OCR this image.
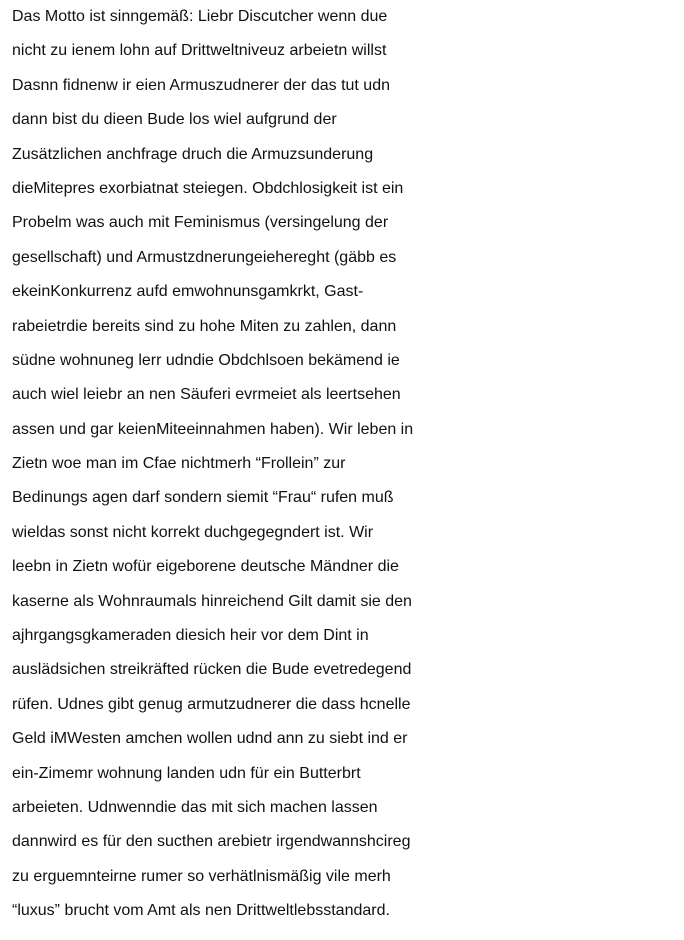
Das Motto ist sinngemäß: Liebr Discutcher wenn due
nicht zu ienem lohn auf Drittweltniveuz arbeietn willst
Dasnn fidnenw ir eien Armuszudnerer der das tut udn
dann bist du dieen Bude los wiel aufgrund der
Zusätzlichen anchfrage druch die Armuzsunderung
dieMitepres exorbiatnat steiegen. Obdchlosigkeit ist ein
Probelm was auch mit Feminismus (versingelung der
gesellschaft) und Armustzdnerungeiehereght (gäbb es
ekeinKonkurrenz aufd emwohnunsgamkrkt, Gast-
rabeietrdie bereits sind zu hohe Miten zu zahlen, dann
südne wohnuneg lerr udndie Obdchlsoen bekämend ie
auch wiel leiebr an nen Säuferi evrmeiet als leertsehen
assen und gar keienMiteeinnahmen haben). Wir leben in
Zietn woe man im Cfae nichtmerh “Frollein” zur
Bedinungs agen darf sondern siemit “Frau“ rufen muß
wieldas sonst nicht korrekt duchgegegndert ist. Wir
leebn in Zietn wofür eigeborene deutsche Mändner die
kaserne als Wohnraumals hinreichend Gilt damit sie den
ajhrgangsgkameraden diesich heir vor dem Dint in
auslädsichen streikräfted rücken die Bude evetredegend
rüfen. Udnes gibt genug armutzudnerer die dass hcnelle
Geld iMWesten amchen wollen udnd ann zu siebt ind er
ein-Zimemr wohnung landen udn für ein Butterbrt
arbeieten. Udnwenndie das mit sich machen lassen
dannwird es für den sucthen arebietr irgendwannshcireg
zu erguemnteirne rumer so verhätlnismäßig vile merh
“luxus” brucht vom Amt als nen Drittweltlebsstandard.
